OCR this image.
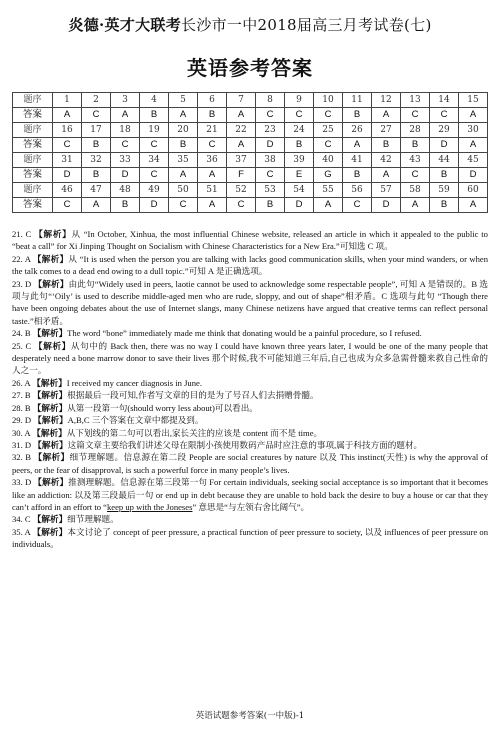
炎德·英才大联考长沙市一中2018届高三月考试卷(七)
英语参考答案
题序	1	2	3	4	5	6	7	8	9	10	11	12	13	14	15
答案	A	C	A	B	A	B	A	C	C	C	B	A	C	C	A
题序	16	17	18	19	20	21	22	23	24	25	26	27	28	29	30
答案	C	B	C	C	B	C	A	D	B	C	A	B	B	D	A
题序	31	32	33	34	35	36	37	38	39	40	41	42	43	44	45
答案	D	B	D	C	A	A	F	C	E	G	B	A	C	B	D
题序	46	47	48	49	50	51	52	53	54	55	56	57	58	59	60
答案	C	A	B	D	C	A	C	B	D	A	C	D	A	B	A

21. C 【解析】从 “In October, Xinhua, the most influential Chinese website, released an article in which it appealed to the public to “beat a call” for Xi Jinping Thought on Socialism with Chinese Characteristics for a New Era.”可知选 C 项。

22. A 【解析】从 “It is used when the person you are talking with lacks good communication skills, when your mind wanders, or when the talk comes to a dead end owing to a dull topic.”可知 A 是正确选项。

23. D 【解析】由此句“Widely used in peers, laotie cannot be used to acknowledge some respectable people”, 可知 A 是错误的。B 选项与此句“‘Oily’ is used to describe middle-aged men who are rude, sloppy, and out of shape”相矛盾。C 选项与此句 “Though there have been ongoing debates about the use of Internet slangs, many Chinese netizens have argued that creative terms can reflect personal taste.”相矛盾。

24. B 【解析】The word “bone” immediately made me think that donating would be a painful procedure, so I refused.

25. C 【解析】从句中的 Back then, there was no way I could have known three years later, I would be one of the many people that desperately need a bone marrow donor to save their lives 那个时候,我不可能知道三年后,自己也成为众多急需骨髓来救自己性命的人之一。

26. A 【解析】I received my cancer diagnosis in June.

27. B 【解析】根据最后一段可知,作者写文章的目的是为了号召人们去捐赠骨髓。

28. B 【解析】从第一段第一句(should worry less about)可以看出。

29. D 【解析】A,B,C 三个答案在文章中都提及到。

30. A 【解析】从下划线的第二句可以看出,家长关注的应该是 content 而不是 time。

31. D 【解析】这篇文章主要给我们讲述父母在限制小孩使用数码产品时应注意的事项,属于科技方面的题材。

32. B 【解析】细节理解题。信息源在第二段 People are social creatures by nature 以及 This instinct(天性) is why the approval of peers, or the fear of disapproval, is such a powerful force in many people’s lives.

33. D 【解析】推测理解题。信息源在第三段第一句 For certain individuals, seeking social acceptance is so important that it becomes like an addiction: 以及第三段最后一句 or end up in debt because they are unable to hold back the desire to buy a house or car that they can’t afford in an effort to “keep up with the Joneses” 意思是“与左领右舍比阔气”。

34. C 【解析】细节理解题。

35. A 【解析】本文讨论了 concept of peer pressure, a practical function of peer pressure to society, 以及 influences of peer pressure on individuals。

英语试题参考答案(一中版)-1
